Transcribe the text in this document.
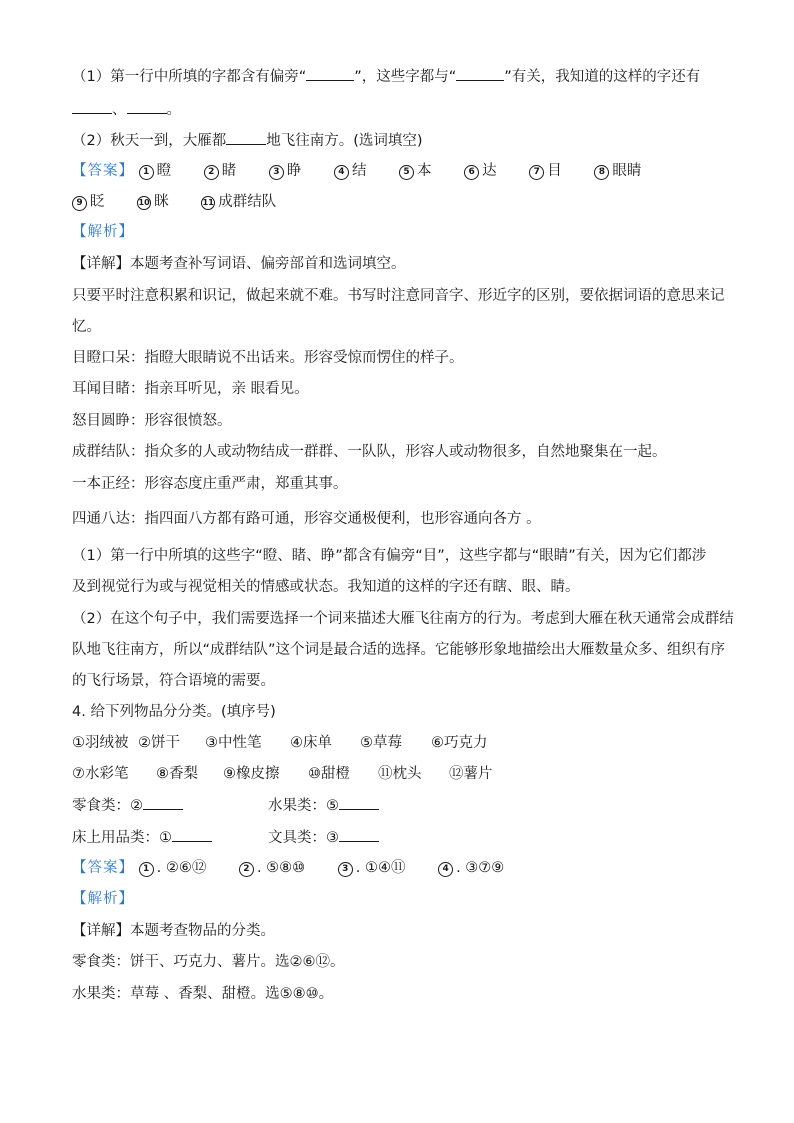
（1）第一行中所填的字都含有偏旁“	”，这些字都与“	”有关，我知道的这样的字还有
、	。
（2）秋天一到，大雁都	地飞往南方。(选词填空)
【答案】 1 瞪	2 睹	3 睁	4 结	5 本	6 达	7 目	8 眼睛
9 眨	10 眯	11 成群结队
【解析】
【详解】本题考查补写词语、偏旁部首和选词填空。
只要平时注意积累和识记，做起来就不难。书写时注意同音字、形近字的区别，要依据词语的意思来记
忆。
目瞪口呆：指瞪大眼睛说不出话来。形容受惊而愣住的样子。
耳闻目睹：指亲耳听见，亲 眼看见。
怒目圆睁：形容很愤怒。
成群结队：指众多的人或动物结成一群群、一队队，形容人或动物很多，自然地聚集在一起。
一本正经：形容态度庄重严肃，郑重其事。
四通八达：指四面八方都有路可通，形容交通极便利，也形容通向各方 。
（1）第一行中所填的这些字“瞪、睹、睁”都含有偏旁“目”，这些字都与“眼睛”有关，因为它们都涉
及到视觉行为或与视觉相关的情感或状态。我知道的这样的字还有瞎、眼、睛。
（2）在这个句子中，我们需要选择一个词来描述大雁飞往南方的行为。考虑到大雁在秋天通常会成群结
队地飞往南方，所以“成群结队”这个词是最合适的选择。它能够形象地描绘出大雁数量众多、组织有序
的飞行场景，符合语境的需要。
4. 给下列物品分分类。(填序号)
①羽绒被 ②饼干 ③中性笔 ④床单 ⑤草莓 ⑥巧克力
⑦水彩笔 ⑧香梨 ⑨橡皮擦 ⑩甜橙 ⑪枕头 ⑫薯片
零食类：②	水果类：⑤
床上用品类：①	文具类：③
【答案】 1 . ②⑥⑫	2 . ⑤⑧⑩	3 . ①④⑪	4 . ③⑦⑨
【解析】
【详解】本题考查物品的分类。
零食类：饼干、巧克力、薯片。选②⑥⑫。
水果类：草莓 、香梨、甜橙。选⑤⑧⑩。
